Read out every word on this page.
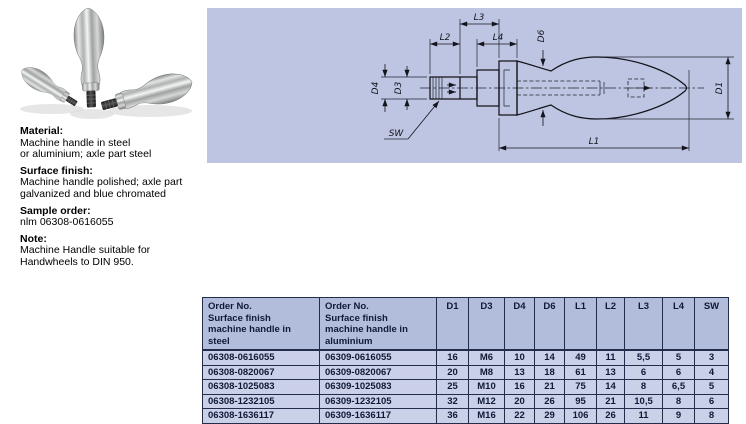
Material:
Machine handle in steel
or aluminium; axle part steel
Surface finish:
Machine handle polished; axle part
galvanized and blue chromated
Sample order:
nlm 06308-0616055
Note:
Machine Handle suitable for
Handwheels to DIN 950.
L2
L3
L4	D6
D4 D3
SW
L1
D1
Order No.
Surface finish
machine handle in steel	Order No.
Surface finish
machine handle in aluminium	D1	D3	D4	D6	L1	L2	L3	L4	SW
06308-0616055	06309-0616055	16	M6	10	14	49	11	5,5	5	3
06308-0820067	06309-0820067	20	M8	13	18	61	13	6	6	4
06308-1025083	06309-1025083	25	M10	16	21	75	14	8	6,5	5
06308-1232105	06309-1232105	32	M12	20	26	95	21	10,5	8	6
06308-1636117	06309-1636117	36	M16	22	29	106	26	11	9	8
